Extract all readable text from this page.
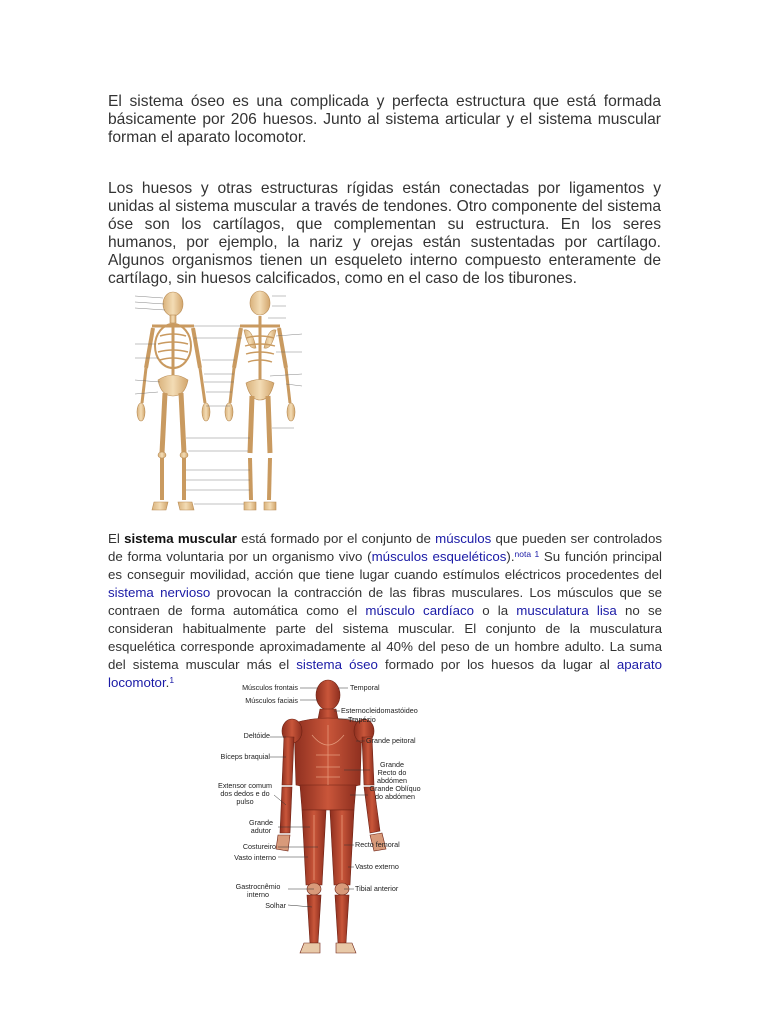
El sistema óseo es una complicada y perfecta estructura que está formada básicamente por 206 huesos. Junto al sistema articular y el sistema muscular forman el aparato locomotor.
Los huesos y otras estructuras rígidas están conectadas por ligamentos y unidas al sistema muscular a través de tendones. Otro componente del sistema óse son los cartílagos, que complementan su estructura. En los seres humanos, por ejemplo, la nariz y orejas están sustentadas por cartílago. Algunos organismos tienen un esqueleto interno compuesto enteramente de cartílago, sin huesos calcificados, como en el caso de los tiburones.
El sistema muscular está formado por el conjunto de músculos que pueden ser controlados de forma voluntaria por un organismo vivo (músculos esqueléticos).$^{nota 1}$ Su función principal es conseguir movilidad, acción que tiene lugar cuando estímulos eléctricos procedentes del sistema nervioso provocan la contracción de las fibras musculares. Los músculos que se contraen de forma automática como el músculo cardíaco o la musculatura lisa no se consideran habitualmente parte del sistema muscular. El conjunto de la musculatura esquelética corresponde aproximadamente al 40% del peso de un hombre adulto. La suma del sistema muscular más el sistema óseo formado por los huesos da lugar al aparato locomotor.$^1$
Músculos frontais
Músculos faciais
Deltóide
Bíceps braquial
Extensor comum dos dedos e do pulso
Grande adutor
Costureiro
Vasto interno
Gastrocnêmio interno
Solhar
Temporal
Esternocleidomastóideo
Trapézio
Grande peitoral
Grande Recto do abdómen
Grande Oblíquo do abdómen
Recto femoral
Vasto externo
Tibial anterior
